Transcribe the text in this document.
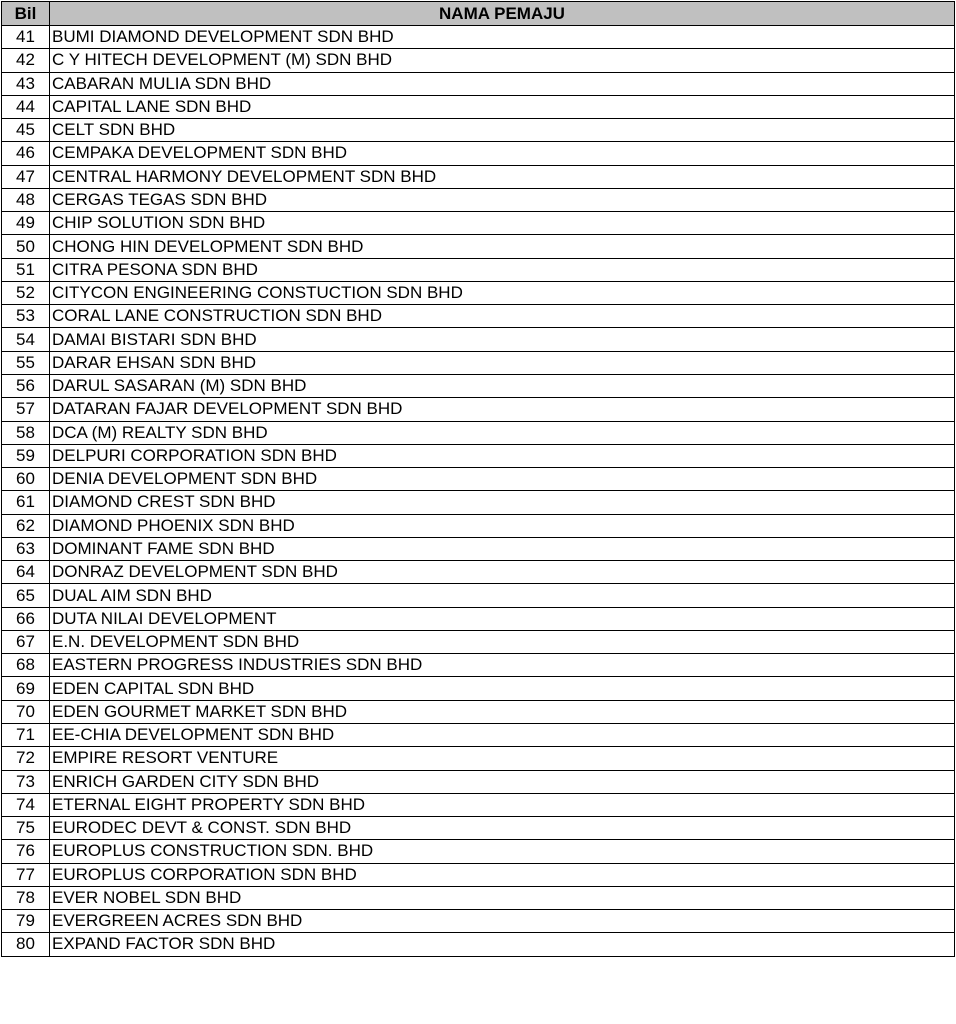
Bil	NAMA PEMAJU
41	BUMI DIAMOND DEVELOPMENT SDN BHD
42	C Y HITECH DEVELOPMENT (M) SDN BHD
43	CABARAN MULIA SDN BHD
44	CAPITAL LANE SDN BHD
45	CELT SDN BHD
46	CEMPAKA DEVELOPMENT SDN BHD
47	CENTRAL HARMONY DEVELOPMENT SDN BHD
48	CERGAS TEGAS SDN BHD
49	CHIP SOLUTION SDN BHD
50	CHONG HIN DEVELOPMENT SDN BHD
51	CITRA PESONA SDN BHD
52	CITYCON ENGINEERING CONSTUCTION SDN BHD
53	CORAL LANE CONSTRUCTION SDN BHD
54	DAMAI BISTARI SDN BHD
55	DARAR EHSAN SDN BHD
56	DARUL SASARAN (M) SDN BHD
57	DATARAN FAJAR DEVELOPMENT SDN BHD
58	DCA (M) REALTY SDN BHD
59	DELPURI CORPORATION SDN BHD
60	DENIA DEVELOPMENT SDN BHD
61	DIAMOND CREST SDN BHD
62	DIAMOND PHOENIX SDN BHD
63	DOMINANT FAME SDN BHD
64	DONRAZ DEVELOPMENT SDN BHD
65	DUAL AIM SDN BHD
66	DUTA NILAI DEVELOPMENT
67	E.N. DEVELOPMENT SDN BHD
68	EASTERN PROGRESS INDUSTRIES SDN BHD
69	EDEN CAPITAL SDN BHD
70	EDEN GOURMET MARKET SDN BHD
71	EE-CHIA DEVELOPMENT SDN BHD
72	EMPIRE RESORT VENTURE
73	ENRICH GARDEN CITY SDN BHD
74	ETERNAL EIGHT PROPERTY SDN BHD
75	EURODEC DEVT & CONST. SDN BHD
76	EUROPLUS CONSTRUCTION SDN. BHD
77	EUROPLUS CORPORATION SDN BHD
78	EVER NOBEL SDN BHD
79	EVERGREEN ACRES SDN BHD
80	EXPAND FACTOR SDN BHD
